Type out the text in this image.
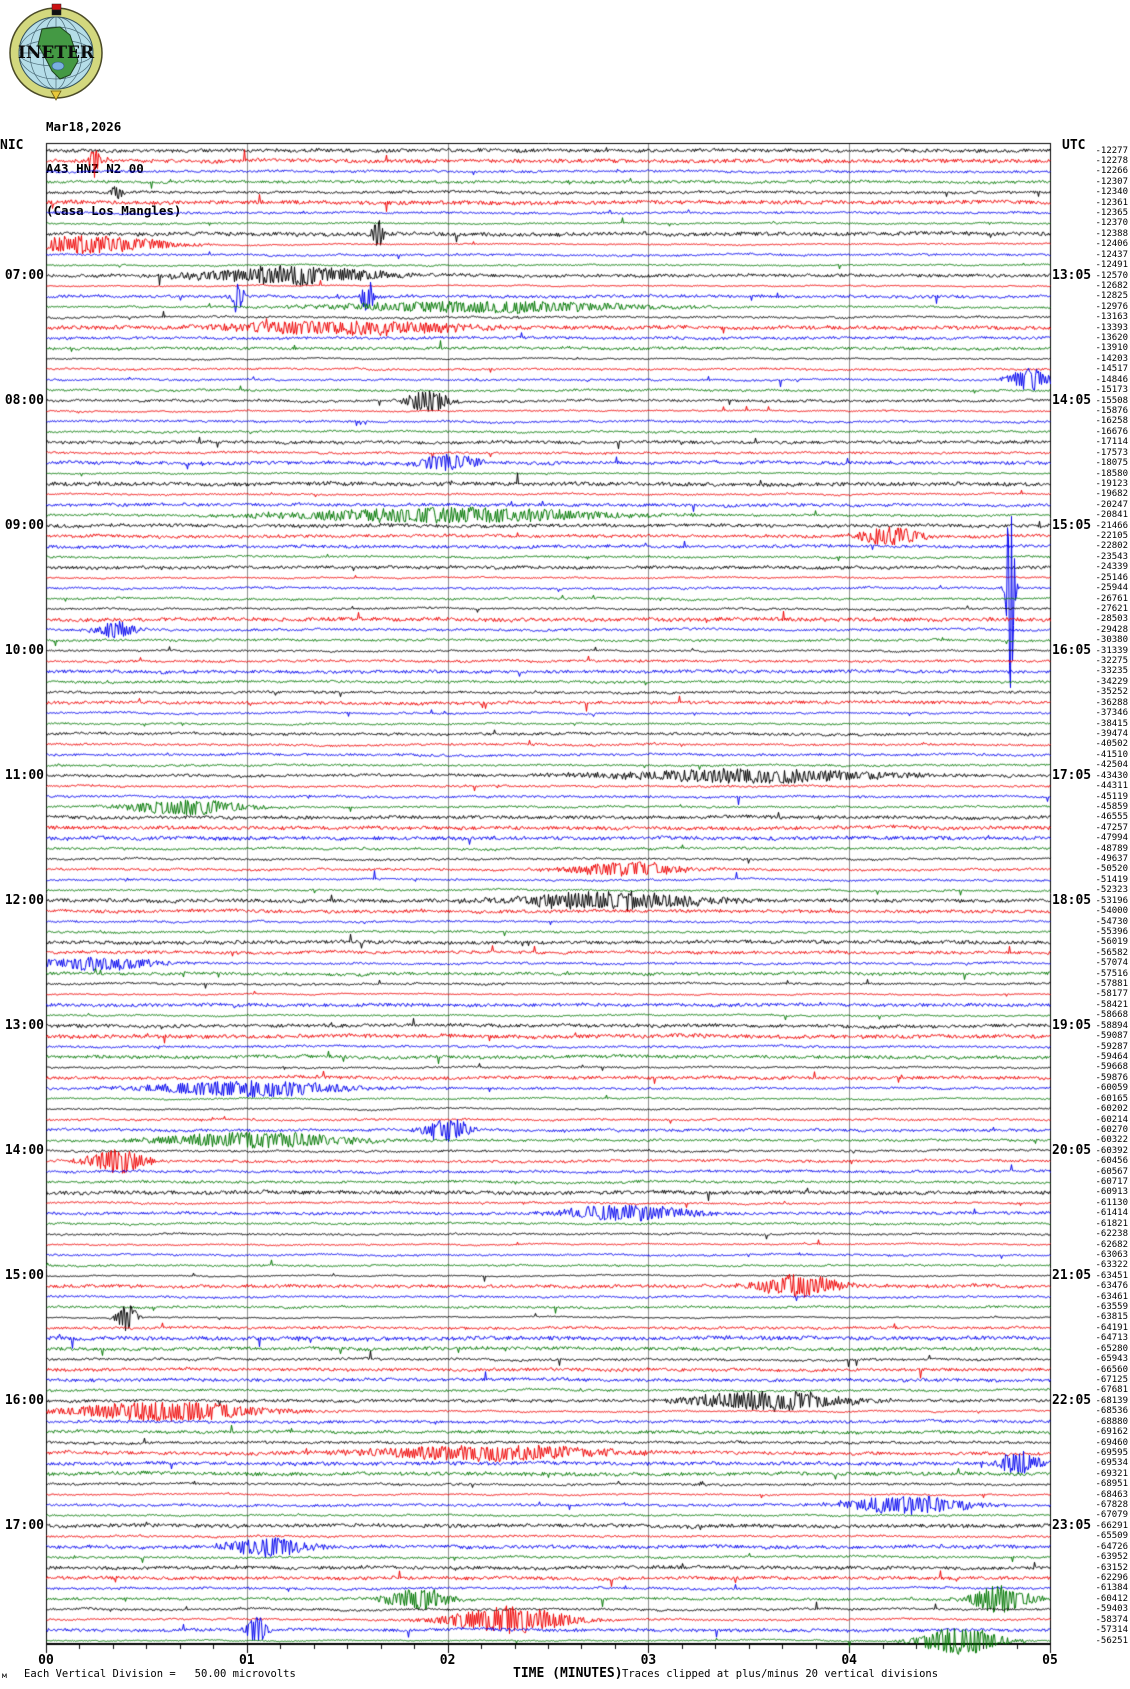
07:00
08:00
09:00
10:00
11:00
12:00
13:00
14:00
15:00
16:00
17:00
13:05
14:05
15:05
16:05
17:05
18:05
19:05
20:05
21:05
22:05
23:05
-12277
-12278
-12266
-12307
-12340
-12361
-12365
-12370
-12388
-12406
-12437
-12491
-12570
-12682
-12825
-12976
-13163
-13393
-13620
-13910
-14203
-14517
-14846
-15173
-15508
-15876
-16258
-16676
-17114
-17573
-18075
-18580
-19123
-19682
-20247
-20841
-21466
-22105
-22802
-23543
-24339
-25146
-25944
-26761
-27621
-28503
-29428
-30380
-31339
-32275
-33235
-34229
-35252
-36288
-37346
-38415
-39474
-40502
-41510
-42504
-43430
-44311
-45119
-45859
-46555
-47257
-47994
-48789
-49637
-50520
-51419
-52323
-53196
-54000
-54730
-55396
-56019
-56582
-57074
-57516
-57881
-58177
-58421
-58668
-58894
-59087
-59287
-59464
-59668
-59876
-60059
-60165
-60202
-60214
-60270
-60322
-60392
-60456
-60567
-60717
-60913
-61130
-61414
-61821
-62238
-62682
-63063
-63322
-63451
-63476
-63461
-63559
-63815
-64191
-64713
-65280
-65943
-66560
-67125
-67681
-68139
-68536
-68880
-69162
-69460
-69595
-69534
-69321
-68951
-68463
-67828
-67079
-66291
-65509
-64726
-63952
-63152
-62296
-61384
-60412
-59403
-58374
-57314
-56251
00	01	02	03	04	05
м Each Vertical Division =   50.00 microvolts	TIME (MINUTES) Traces clipped at plus/minus 20 vertical divisions
